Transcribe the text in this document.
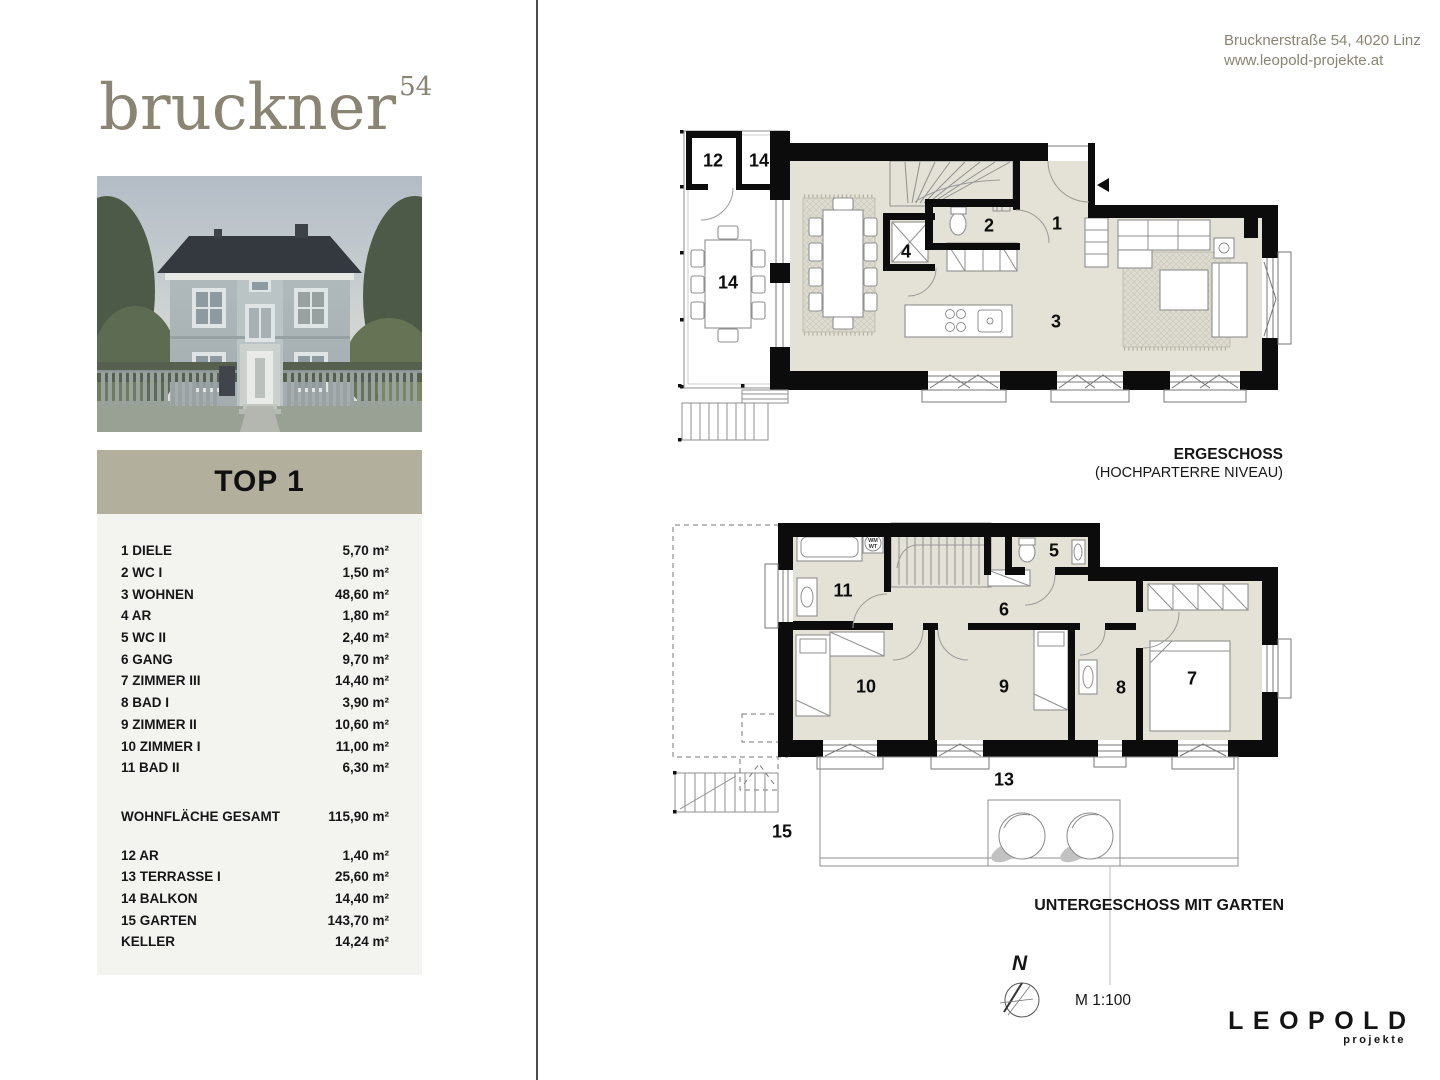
bruckner $^{54}$
Brucknerstraße 54, 4020 Linz
www.leopold-projekte.at
TOP 1
1 DIELE	5,70 m²
2 WC I	1,50 m²
3 WOHNEN	48,60 m²
4 AR	1,80 m²
5 WC II	2,40 m²
6 GANG	9,70 m²
7 ZIMMER III	14,40 m²
8 BAD I	3,90 m²
9 ZIMMER II	10,60 m²
10 ZIMMER I	11,00 m²
11 BAD II	6,30 m²
WOHNFLÄCHE GESAMT	115,90 m²
12 AR	1,40 m²
13 TERRASSE I	25,60 m²
14 BALKON	14,40 m²
15 GARTEN	143,70 m²
KELLER	14,24 m²
12 14
14
4
2	1
3
ERGESCHOSS
(HOCHPARTERRE NIVEAU)
WM
WT
11
5
6
10	9	8	7
15
13
UNTERGESCHOSS MIT GARTEN
N
M 1:100
LEOPOLD
projekte
